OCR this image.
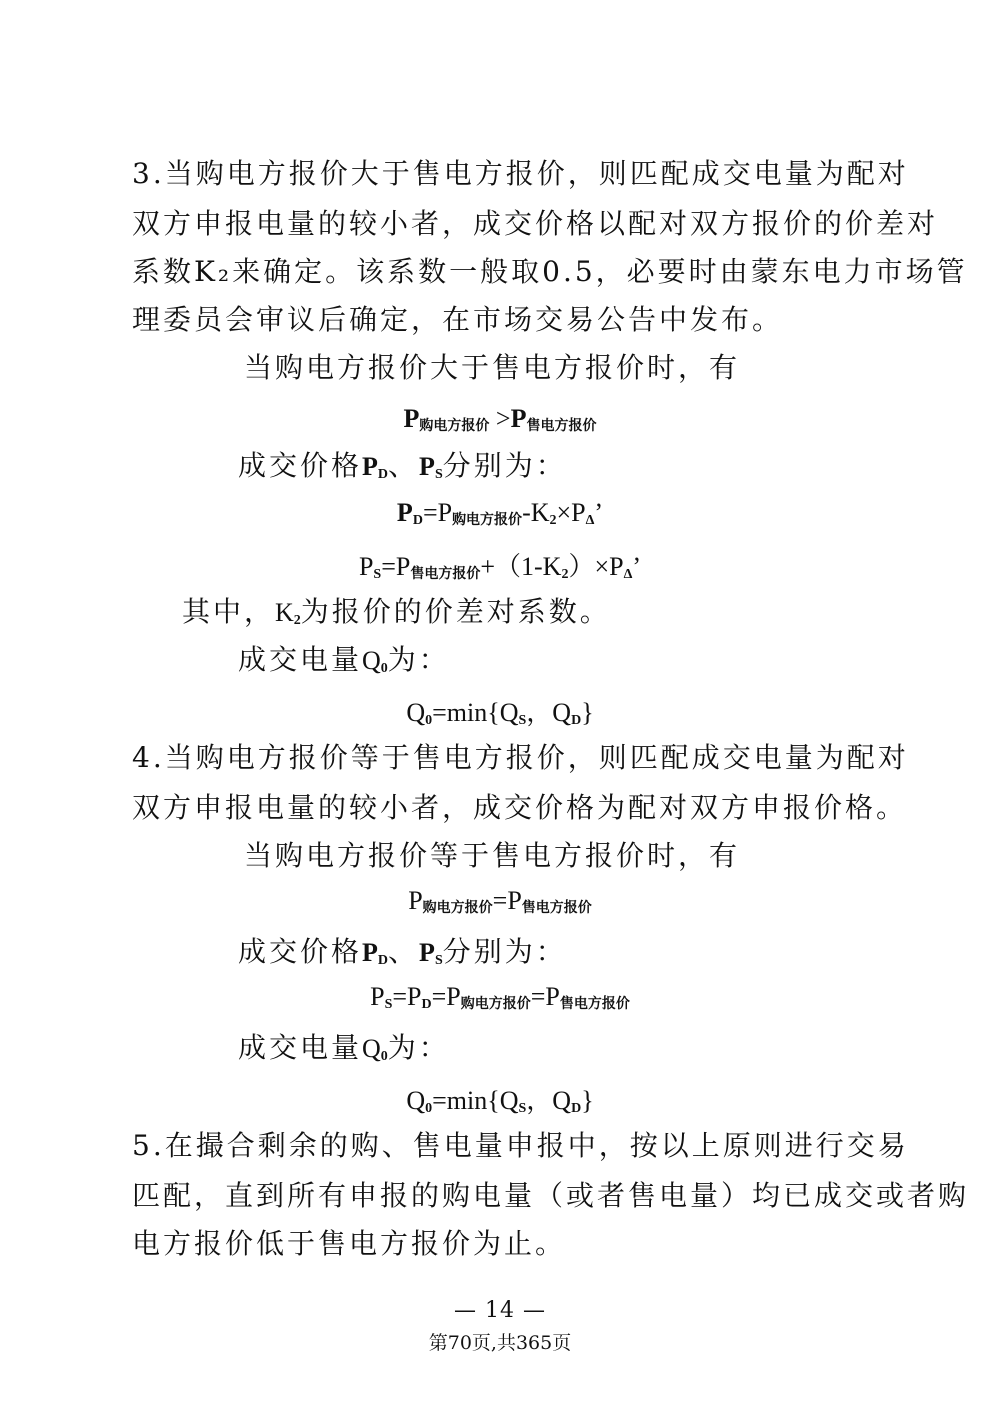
3.当购电方报价大于售电方报价，则匹配成交电量为配对
双方申报电量的较小者，成交价格以配对双方报价的价差对
系数K₂来确定。该系数一般取0.5，必要时由蒙东电力市场管
理委员会审议后确定，在市场交易公告中发布。
当购电方报价大于售电方报价时，有
P购电方报价 >P售电方报价
成交价格$P_D$、$P_S$分别为：
$P_D=P$购电方报价$-K_2\times P_\Delta$’
$P_S=P$售电方报价$+(1-K_2)\times P_\Delta$’
其中，$K_2$为报价的价差对系数。
成交电量$Q_0$为：
$Q_0=\min\{Q_S$，$Q_D$}
4.当购电方报价等于售电方报价，则匹配成交电量为配对
双方申报电量的较小者，成交价格为配对双方申报价格。
当购电方报价等于售电方报价时，有
P购电方报价=P售电方报价
成交价格$P_D$、$P_S$分别为：
$P_S=P_D=P$购电方报价=P售电方报价
成交电量$Q_0$为：
$Q_0=\min\{Q_S$，$Q_D$}
5.在撮合剩余的购、售电量申报中，按以上原则进行交易
匹配，直到所有申报的购电量（或者售电量）均已成交或者购
电方报价低于售电方报价为止。
— 14 —
第70页,共365页
